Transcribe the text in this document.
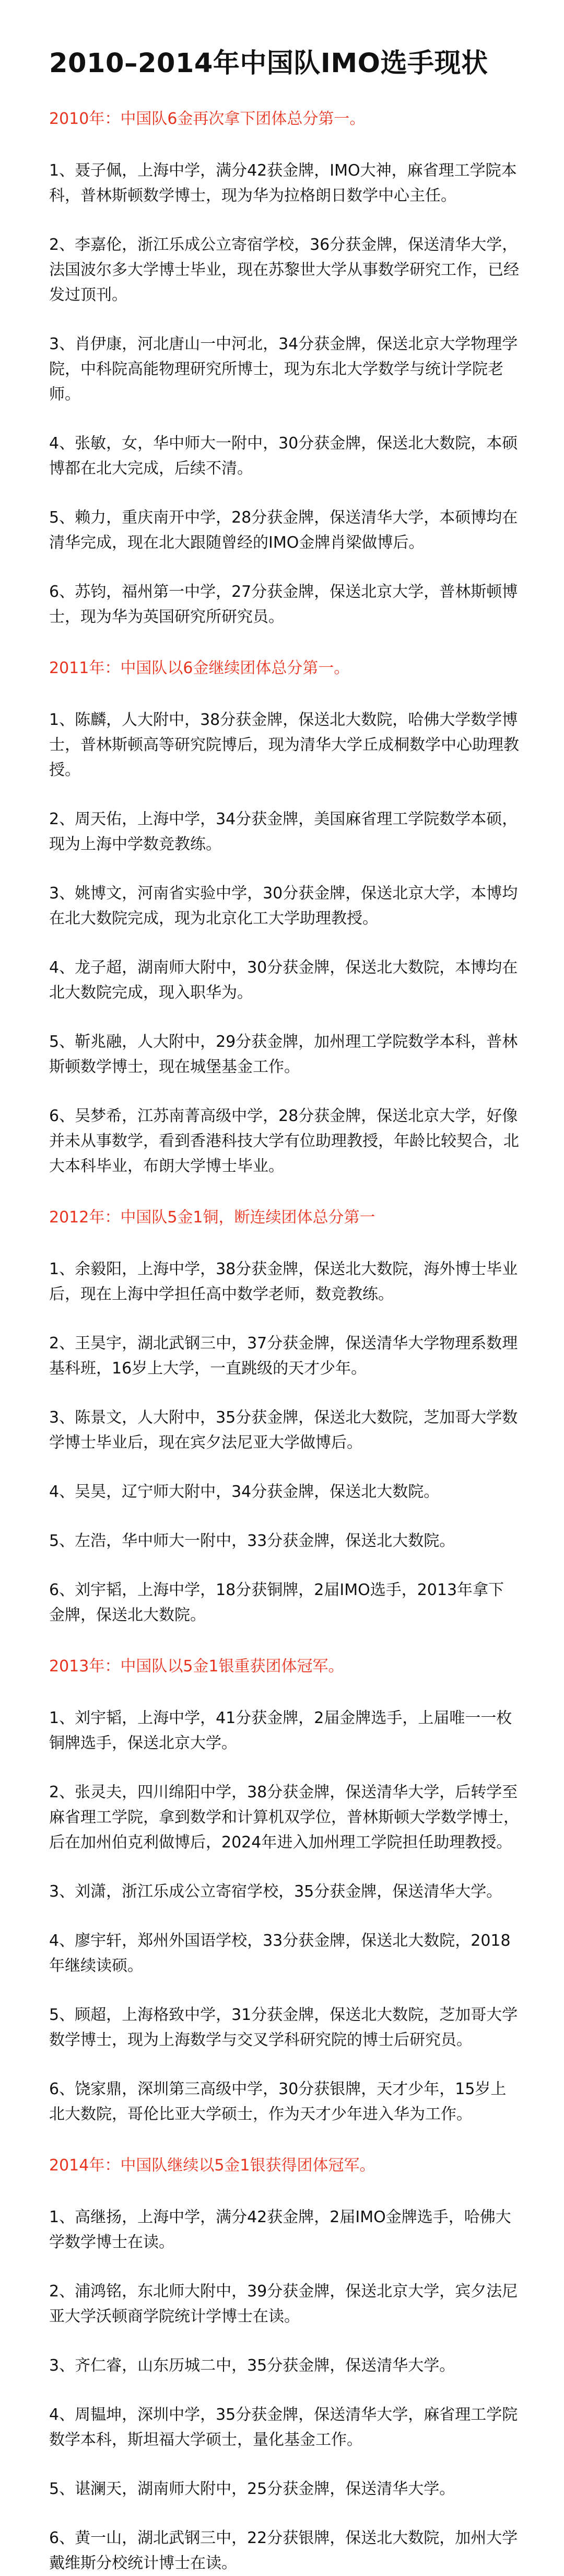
2010–2014年中国队IMO选手现状
2010年：中国队6金再次拿下团体总分第一。

1、聂子佩，上海中学，满分42获金牌，IMO大神，麻省理工学院本科，普林斯顿数学博士，现为华为拉格朗日数学中心主任。

2、李嘉伦，浙江乐成公立寄宿学校，36分获金牌，保送清华大学，法国波尔多大学博士毕业，现在苏黎世大学从事数学研究工作，已经发过顶刊。

3、肖伊康，河北唐山一中河北，34分获金牌，保送北京大学物理学院，中科院高能物理研究所博士，现为东北大学数学与统计学院老师。

4、张敏，女，华中师大一附中，30分获金牌，保送北大数院，本硕博都在北大完成，后续不清。

5、赖力，重庆南开中学，28分获金牌，保送清华大学，本硕博均在清华完成，现在北大跟随曾经的IMO金牌肖梁做博后。

6、苏钧，福州第一中学，27分获金牌，保送北京大学，普林斯顿博士，现为华为英国研究所研究员。

2011年：中国队以6金继续团体总分第一。

1、陈麟，人大附中，38分获金牌，保送北大数院，哈佛大学数学博士，普林斯顿高等研究院博后，现为清华大学丘成桐数学中心助理教授。

2、周天佑，上海中学，34分获金牌，美国麻省理工学院数学本硕，现为上海中学数竞教练。

3、姚博文，河南省实验中学，30分获金牌，保送北京大学，本博均在北大数院完成，现为北京化工大学助理教授。

4、龙子超，湖南师大附中，30分获金牌，保送北大数院，本博均在北大数院完成，现入职华为。

5、靳兆融，人大附中，29分获金牌，加州理工学院数学本科，普林斯顿数学博士，现在城堡基金工作。

6、吴梦希，江苏南菁高级中学，28分获金牌，保送北京大学，好像并未从事数学，看到香港科技大学有位助理教授，年龄比较契合，北大本科毕业，布朗大学博士毕业。

2012年：中国队5金1铜，断连续团体总分第一

1、余毅阳，上海中学，38分获金牌，保送北大数院，海外博士毕业后，现在上海中学担任高中数学老师，数竞教练。

2、王昊宇，湖北武钢三中，37分获金牌，保送清华大学物理系数理基科班，16岁上大学，一直跳级的天才少年。

3、陈景文，人大附中，35分获金牌，保送北大数院，芝加哥大学数学博士毕业后，现在宾夕法尼亚大学做博后。

4、吴昊，辽宁师大附中，34分获金牌，保送北大数院。

5、左浩，华中师大一附中，33分获金牌，保送北大数院。

6、刘宇韬，上海中学，18分获铜牌，2届IMO选手，2013年拿下金牌，保送北大数院。

2013年：中国队以5金1银重获团体冠军。

1、刘宇韬，上海中学，41分获金牌，2届金牌选手，上届唯一一枚铜牌选手，保送北京大学。

2、张灵夫，四川绵阳中学，38分获金牌，保送清华大学，后转学至麻省理工学院，拿到数学和计算机双学位，普林斯顿大学数学博士，后在加州伯克利做博后，2024年进入加州理工学院担任助理教授。

3、刘潇，浙江乐成公立寄宿学校，35分获金牌，保送清华大学。

4、廖宇轩，郑州外国语学校，33分获金牌，保送北大数院，2018年继续读硕。

5、顾超，上海格致中学，31分获金牌，保送北大数院，芝加哥大学数学博士，现为上海数学与交叉学科研究院的博士后研究员。

6、饶家鼎，深圳第三高级中学，30分获银牌，天才少年，15岁上北大数院，哥伦比亚大学硕士，作为天才少年进入华为工作。

2014年：中国队继续以5金1银获得团体冠军。

1、高继扬，上海中学，满分42获金牌，2届IMO金牌选手，哈佛大学数学博士在读。

2、浦鸿铭，东北师大附中，39分获金牌，保送北京大学，宾夕法尼亚大学沃顿商学院统计学博士在读。

3、齐仁睿，山东历城二中，35分获金牌，保送清华大学。

4、周韫坤，深圳中学，35分获金牌，保送清华大学，麻省理工学院数学本科，斯坦福大学硕士，量化基金工作。

5、谌澜天，湖南师大附中，25分获金牌，保送清华大学。

6、黄一山，湖北武钢三中，22分获银牌，保送北大数院，加州大学戴维斯分校统计博士在读。
